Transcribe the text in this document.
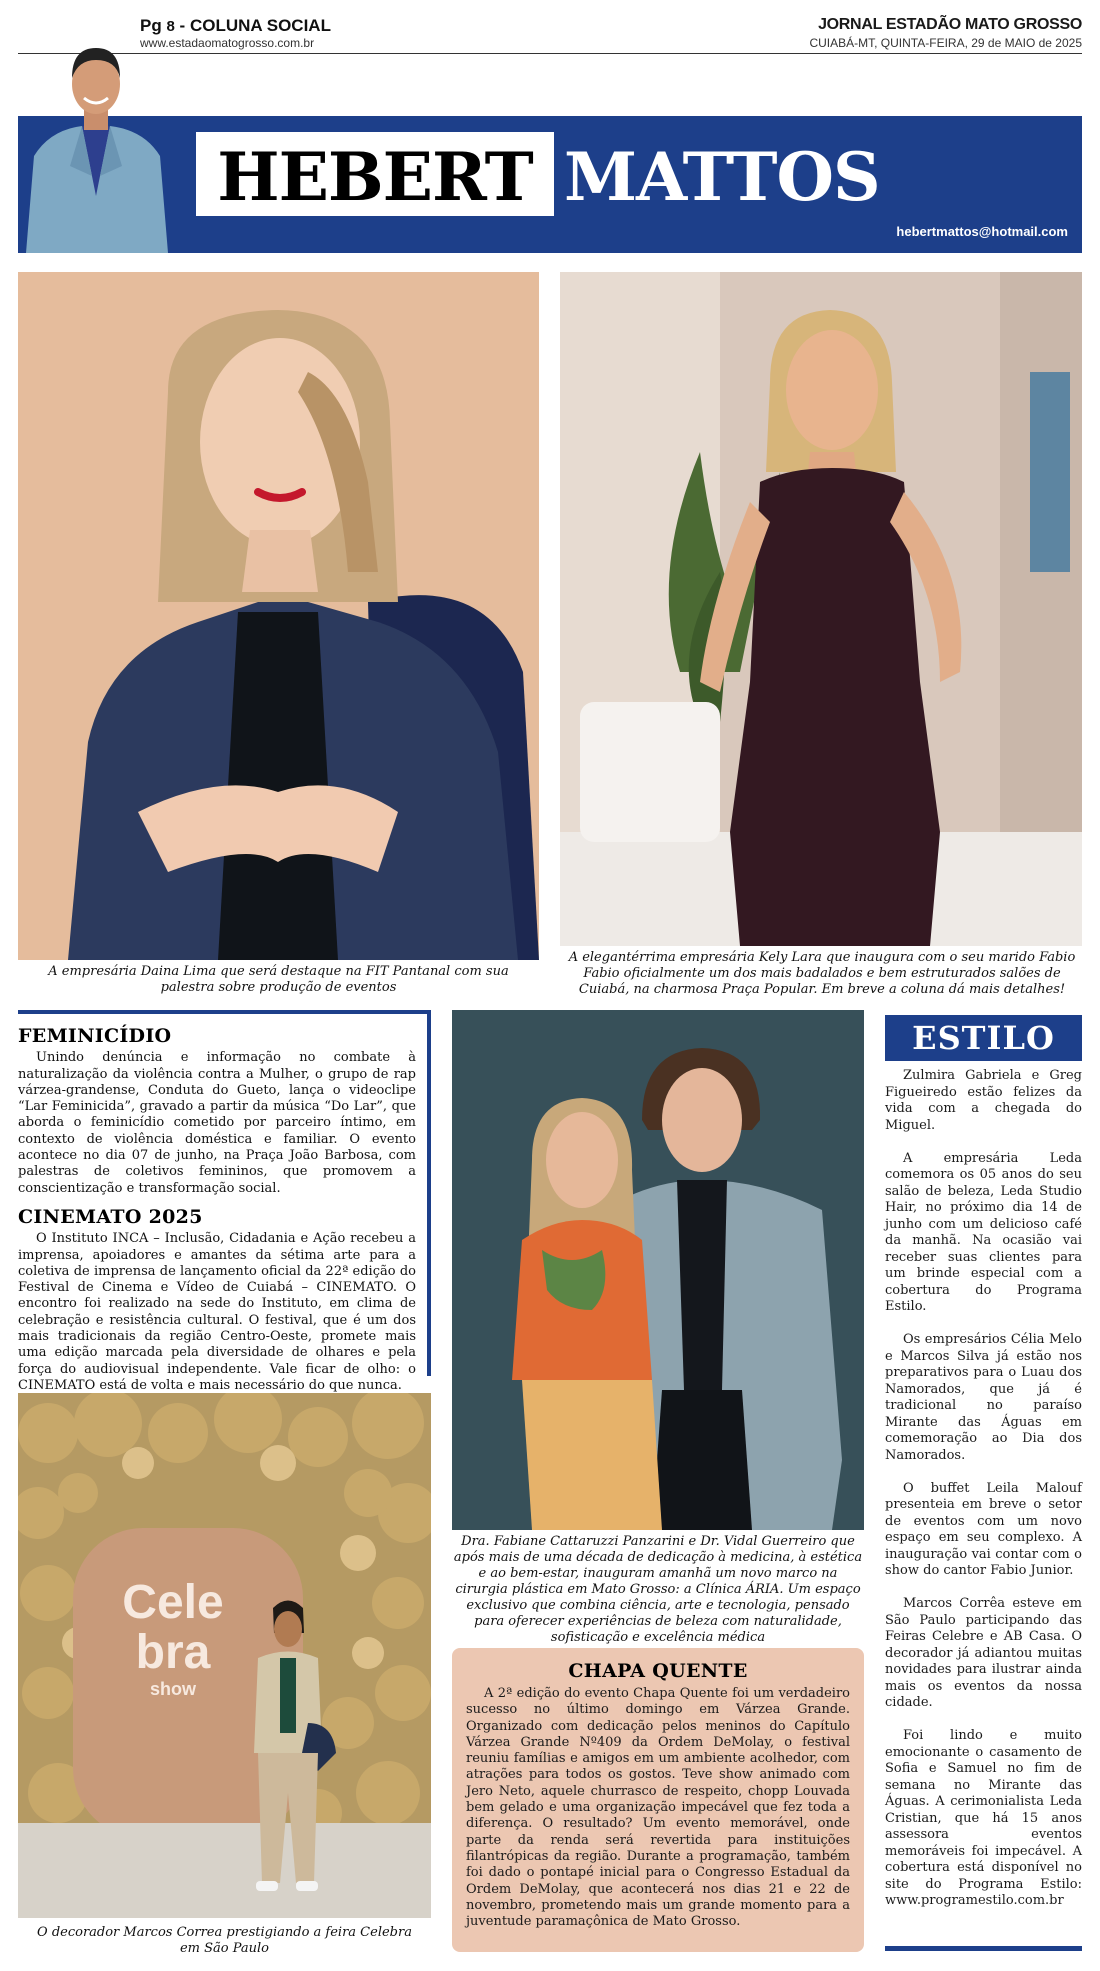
Pg 8 - COLUNA SOCIAL
www.estadaomatogrosso.com.br
JORNAL ESTADÃO MATO GROSSO
CUIABÁ-MT, QUINTA-FEIRA, 29 de MAIO de 2025
HEBERT MATTOS
hebertmattos@hotmail.com
A empresária Daina Lima que será destaque na FIT Pantanal com sua palestra sobre produção de eventos
A elegantérrima empresária Kely Lara que inaugura com o seu marido Fabio Fabio oficialmente um dos mais badalados e bem estruturados salões de Cuiabá, na charmosa Praça Popular. Em breve a coluna dá mais detalhes!
FEMINICÍDIO

Unindo denúncia e informação no combate à naturalização da violência contra a Mulher, o grupo de rap várzea-grandense, Conduta do Gueto, lança o videoclipe “Lar Feminicida”, gravado a partir da música “Do Lar”, que aborda o feminicídio cometido por parceiro íntimo, em contexto de violência doméstica e familiar. O evento acontece no dia 07 de junho, na Praça João Barbosa, com palestras de coletivos femininos, que promovem a conscientização e transformação social.

CINEMATO 2025

O Instituto INCA – Inclusão, Cidadania e Ação recebeu a imprensa, apoiadores e amantes da sétima arte para a coletiva de imprensa de lançamento oficial da 22ª edição do Festival de Cinema e Vídeo de Cuiabá – CINEMATO. O encontro foi realizado na sede do Instituto, em clima de celebração e resistência cultural. O festival, que é um dos mais tradicionais da região Centro-Oeste, promete mais uma edição marcada pela diversidade de olhares e pela força do audiovisual independente. Vale ficar de olho: o CINEMATO está de volta e mais necessário do que nunca.

Dra. Fabiane Cattaruzzi Panzarini e Dr. Vidal Guerreiro que após mais de uma década de dedicação à medicina, à estética e ao bem-estar, inauguram amanhã um novo marco na cirurgia plástica em Mato Grosso: a Clínica ÁRIA. Um espaço exclusivo que combina ciência, arte e tecnologia, pensado para oferecer experiências de beleza com naturalidade, sofisticação e excelência médica
Cele
bra
show
O decorador Marcos Correa prestigiando a feira Celebra em São Paulo
CHAPA QUENTE

A 2ª edição do evento Chapa Quente foi um verdadeiro sucesso no último domingo em Várzea Grande. Organizado com dedicação pelos meninos do Capítulo Várzea Grande Nº409 da Ordem DeMolay, o festival reuniu famílias e amigos em um ambiente acolhedor, com atrações para todos os gostos. Teve show animado com Jero Neto, aquele churrasco de respeito, chopp Louvada bem gelado e uma organização impecável que fez toda a diferença. O resultado? Um evento memorável, onde parte da renda será revertida para instituições filantrópicas da região. Durante a programação, também foi dado o pontapé inicial para o Congresso Estadual da Ordem DeMolay, que acontecerá nos dias 21 e 22 de novembro, prometendo mais um grande momento para a juventude paramaçônica de Mato Grosso.

ESTILO

Zulmira Gabriela e Greg Figueiredo estão felizes da vida com a chegada do Miguel.

A empresária Leda comemora os 05 anos do seu salão de beleza, Leda Studio Hair, no próximo dia 14 de junho com um delicioso café da manhã. Na ocasião vai receber suas clientes para um brinde especial com a cobertura do Programa Estilo.

Os empresários Célia Melo e Marcos Silva já estão nos preparativos para o Luau dos Namorados, que já é tradicional no paraíso Mirante das Águas em comemoração ao Dia dos Namorados.

O buffet Leila Malouf presenteia em breve o setor de eventos com um novo espaço em seu complexo. A inauguração vai contar com o show do cantor Fabio Junior.

Marcos Corrêa esteve em São Paulo participando das Feiras Celebre e AB Casa. O decorador já adiantou muitas novidades para ilustrar ainda mais os eventos da nossa cidade.

Foi lindo e muito emocionante o casamento de Sofia e Samuel no fim de semana no Mirante das Águas. A cerimonialista Leda Cristian, que há 15 anos assessora eventos memoráveis foi impecável. A cobertura está disponível no site do Programa Estilo: www.programestilo.com.br
